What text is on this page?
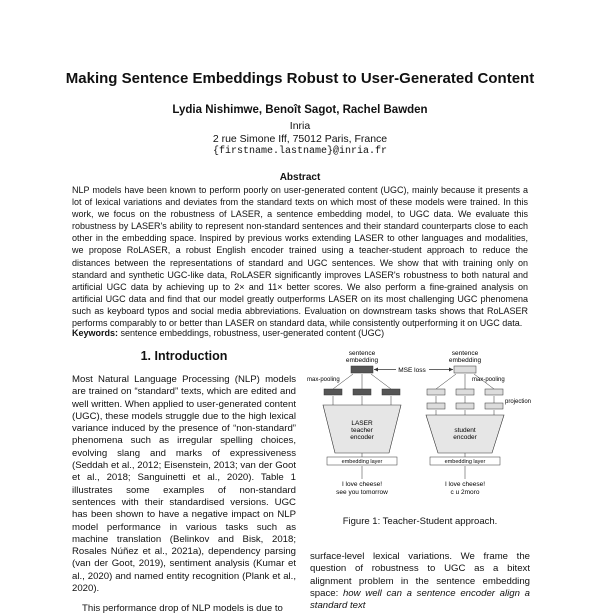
Making Sentence Embeddings Robust to User-Generated Content
Lydia Nishimwe, Benoît Sagot, Rachel Bawden
Inria
2 rue Simone Iff, 75012 Paris, France
{firstname.lastname}@inria.fr
Abstract
NLP models have been known to perform poorly on user-generated content (UGC), mainly because it presents a lot of lexical variations and deviates from the standard texts on which most of these models were trained. In this work, we focus on the robustness of LASER, a sentence embedding model, to UGC data. We evaluate this robustness by LASER's ability to represent non-standard sentences and their standard counterparts close to each other in the embedding space. Inspired by previous works extending LASER to other languages and modalities, we propose RoLASER, a robust English encoder trained using a teacher-student approach to reduce the distances between the representations of standard and UGC sentences. We show that with training only on standard and synthetic UGC-like data, RoLASER significantly improves LASER's robustness to both natural and artificial UGC data by achieving up to 2× and 11× better scores. We also perform a fine-grained analysis on artificial UGC data and find that our model greatly outperforms LASER on its most challenging UGC phenomena such as keyboard typos and social media abbreviations. Evaluation on downstream tasks shows that RoLASER performs comparably to or better than LASER on standard data, while consistently outperforming it on UGC data.
Keywords: sentence embeddings, robustness, user-generated content (UGC)
1. Introduction

Most Natural Language Processing (NLP) models are trained on “standard” texts, which are edited and well written. When applied to user-generated content (UGC), these models struggle due to the high lexical variance induced by the presence of “non-standard” phenomena such as irregular spelling choices, evolving slang and marks of expressiveness (Seddah et al., 2012; Eisenstein, 2013; van der Goot et al., 2018; Sanguinetti et al., 2020). Table 1 illustrates some examples of non-standard sentences with their standardised versions. UGC has been shown to have a negative impact on NLP model performance in various tasks such as machine translation (Belinkov and Bisk, 2018; Rosales Núñez et al., 2021a), dependency parsing (van der Goot, 2019), sentiment analysis (Kumar et al., 2020) and named entity recognition (Plank et al., 2020).

This performance drop of NLP models is due to

sentence
embedding
sentence
embedding
MSE loss
max-pooling	max-pooling
projection
LASER
teacher
encoder
student
encoder
embedding layer	embedding layer
I love cheese!
see you tomorrow
I love cheese!
c u 2moro
Figure 1: Teacher-Student approach.
surface-level lexical variations. We frame the question of robustness to UGC as a bitext alignment problem in the sentence embedding space: how well can a sentence encoder align a standard text
